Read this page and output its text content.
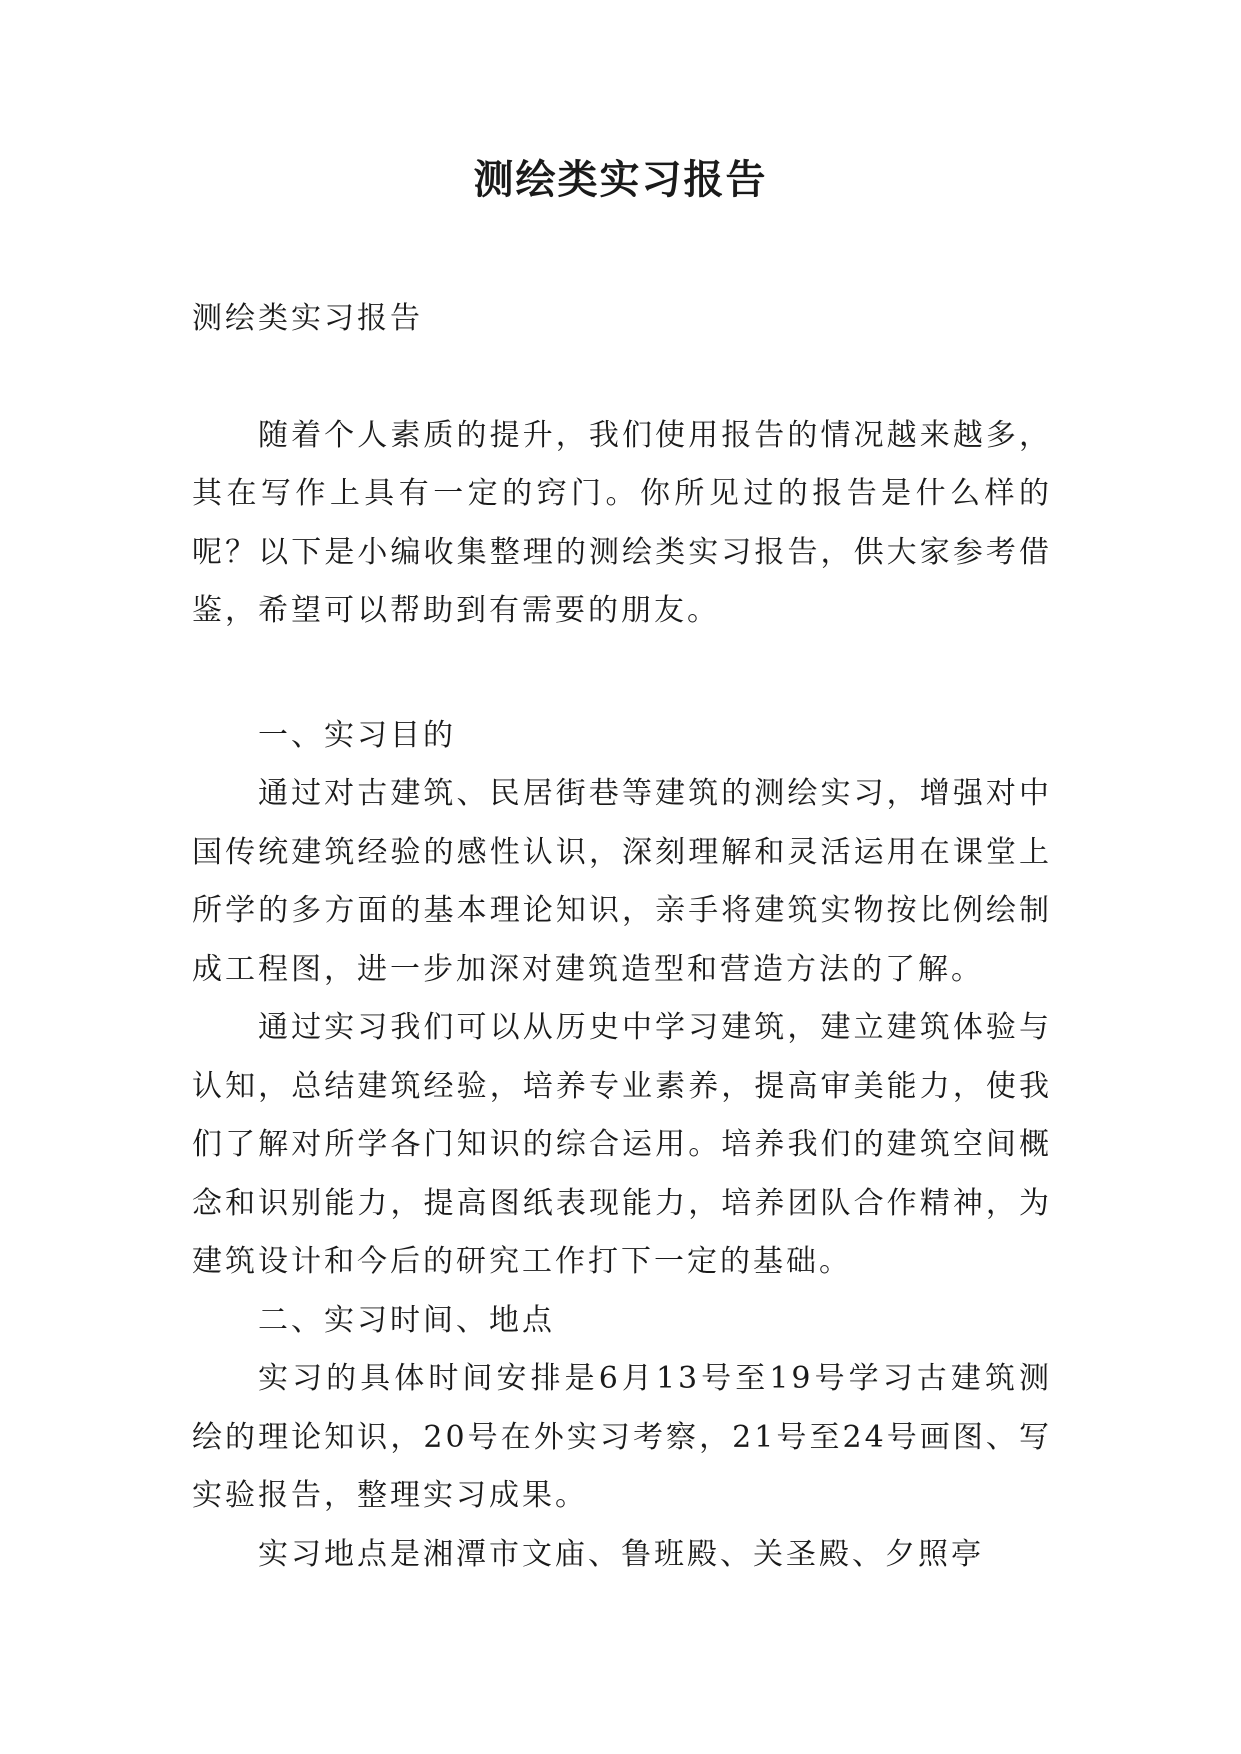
测绘类实习报告

测绘类实习报告

随着个人素质的提升，我们使用报告的情况越来越多，其在写作上具有一定的窍门。你所见过的报告是什么样的呢？以下是小编收集整理的测绘类实习报告，供大家参考借鉴，希望可以帮助到有需要的朋友。

一、实习目的

通过对古建筑、民居街巷等建筑的测绘实习，增强对中国传统建筑经验的感性认识，深刻理解和灵活运用在课堂上所学的多方面的基本理论知识，亲手将建筑实物按比例绘制成工程图，进一步加深对建筑造型和营造方法的了解。

通过实习我们可以从历史中学习建筑，建立建筑体验与认知，总结建筑经验，培养专业素养，提高审美能力，使我们了解对所学各门知识的综合运用。培养我们的建筑空间概念和识别能力，提高图纸表现能力，培养团队合作精神，为建筑设计和今后的研究工作打下一定的基础。

二、实习时间、地点

实习的具体时间安排是6月13号至19号学习古建筑测绘的理论知识，20号在外实习考察，21号至24号画图、写实验报告，整理实习成果。

实习地点是湘潭市文庙、鲁班殿、关圣殿、夕照亭
